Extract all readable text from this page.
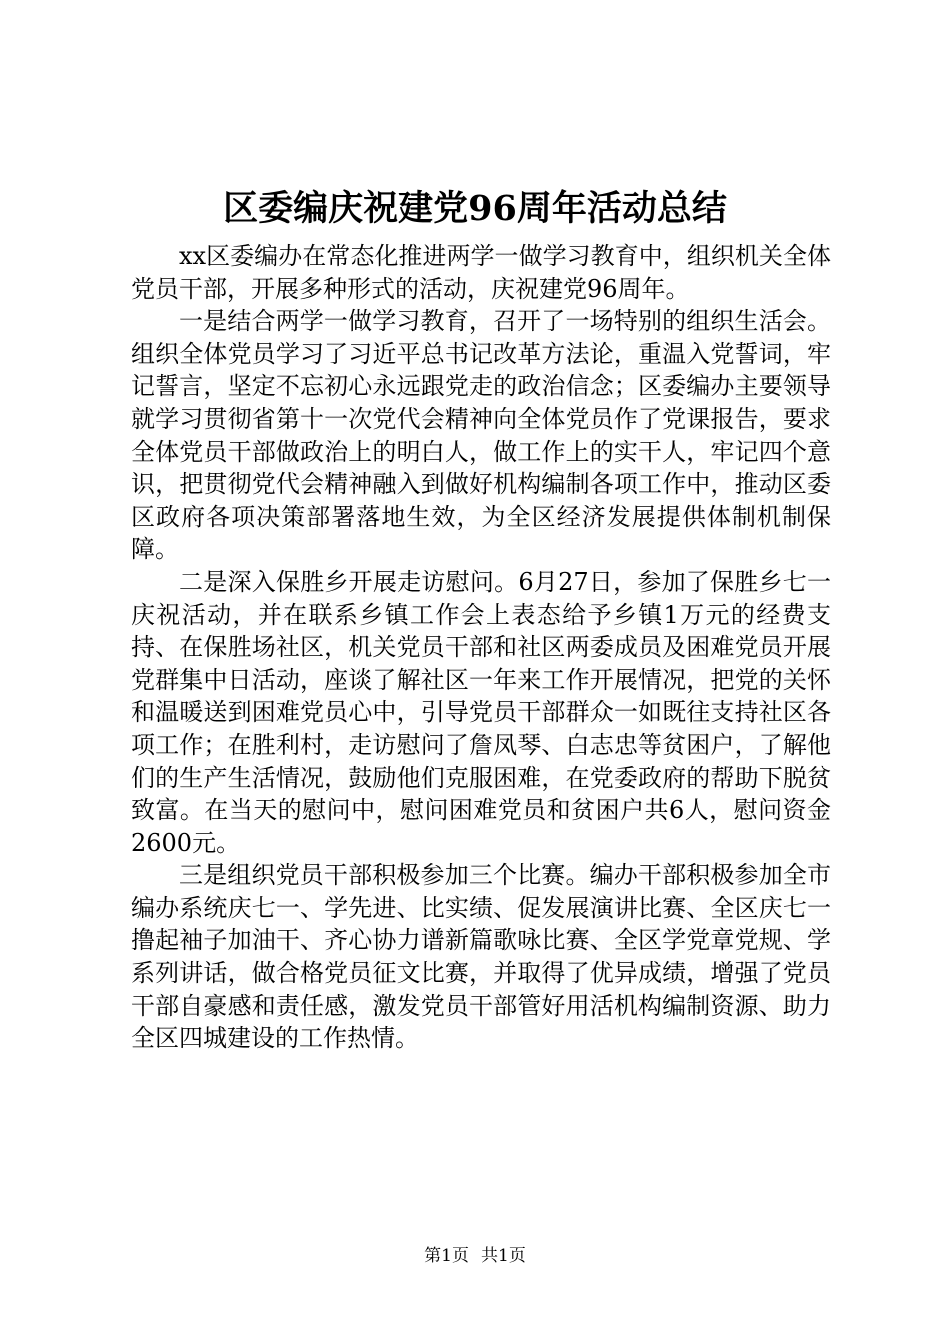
区委编庆祝建党96周年活动总结

xx区委编办在常态化推进两学一做学习教育中，组织机关全体党员干部，开展多种形式的活动，庆祝建党96周年。

一是结合两学一做学习教育，召开了一场特别的组织生活会。组织全体党员学习了习近平总书记改革方法论，重温入党誓词，牢记誓言，坚定不忘初心永远跟党走的政治信念；区委编办主要领导就学习贯彻省第十一次党代会精神向全体党员作了党课报告，要求全体党员干部做政治上的明白人，做工作上的实干人，牢记四个意识，把贯彻党代会精神融入到做好机构编制各项工作中，推动区委区政府各项决策部署落地生效，为全区经济发展提供体制机制保障。

二是深入保胜乡开展走访慰问。6月27日，参加了保胜乡七一庆祝活动，并在联系乡镇工作会上表态给予乡镇1万元的经费支持、在保胜场社区，机关党员干部和社区两委成员及困难党员开展党群集中日活动，座谈了解社区一年来工作开展情况，把党的关怀和温暖送到困难党员心中，引导党员干部群众一如既往支持社区各项工作；在胜利村，走访慰问了詹凤琴、白志忠等贫困户，了解他们的生产生活情况，鼓励他们克服困难，在党委政府的帮助下脱贫致富。在当天的慰问中，慰问困难党员和贫困户共6人，慰问资金2600元。

三是组织党员干部积极参加三个比赛。编办干部积极参加全市编办系统庆七一、学先进、比实绩、促发展演讲比赛、全区庆七一撸起袖子加油干、齐心协力谱新篇歌咏比赛、全区学党章党规、学系列讲话，做合格党员征文比赛，并取得了优异成绩，增强了党员干部自豪感和责任感，激发党员干部管好用活机构编制资源、助力全区四城建设的工作热情。

第1页 共1页
